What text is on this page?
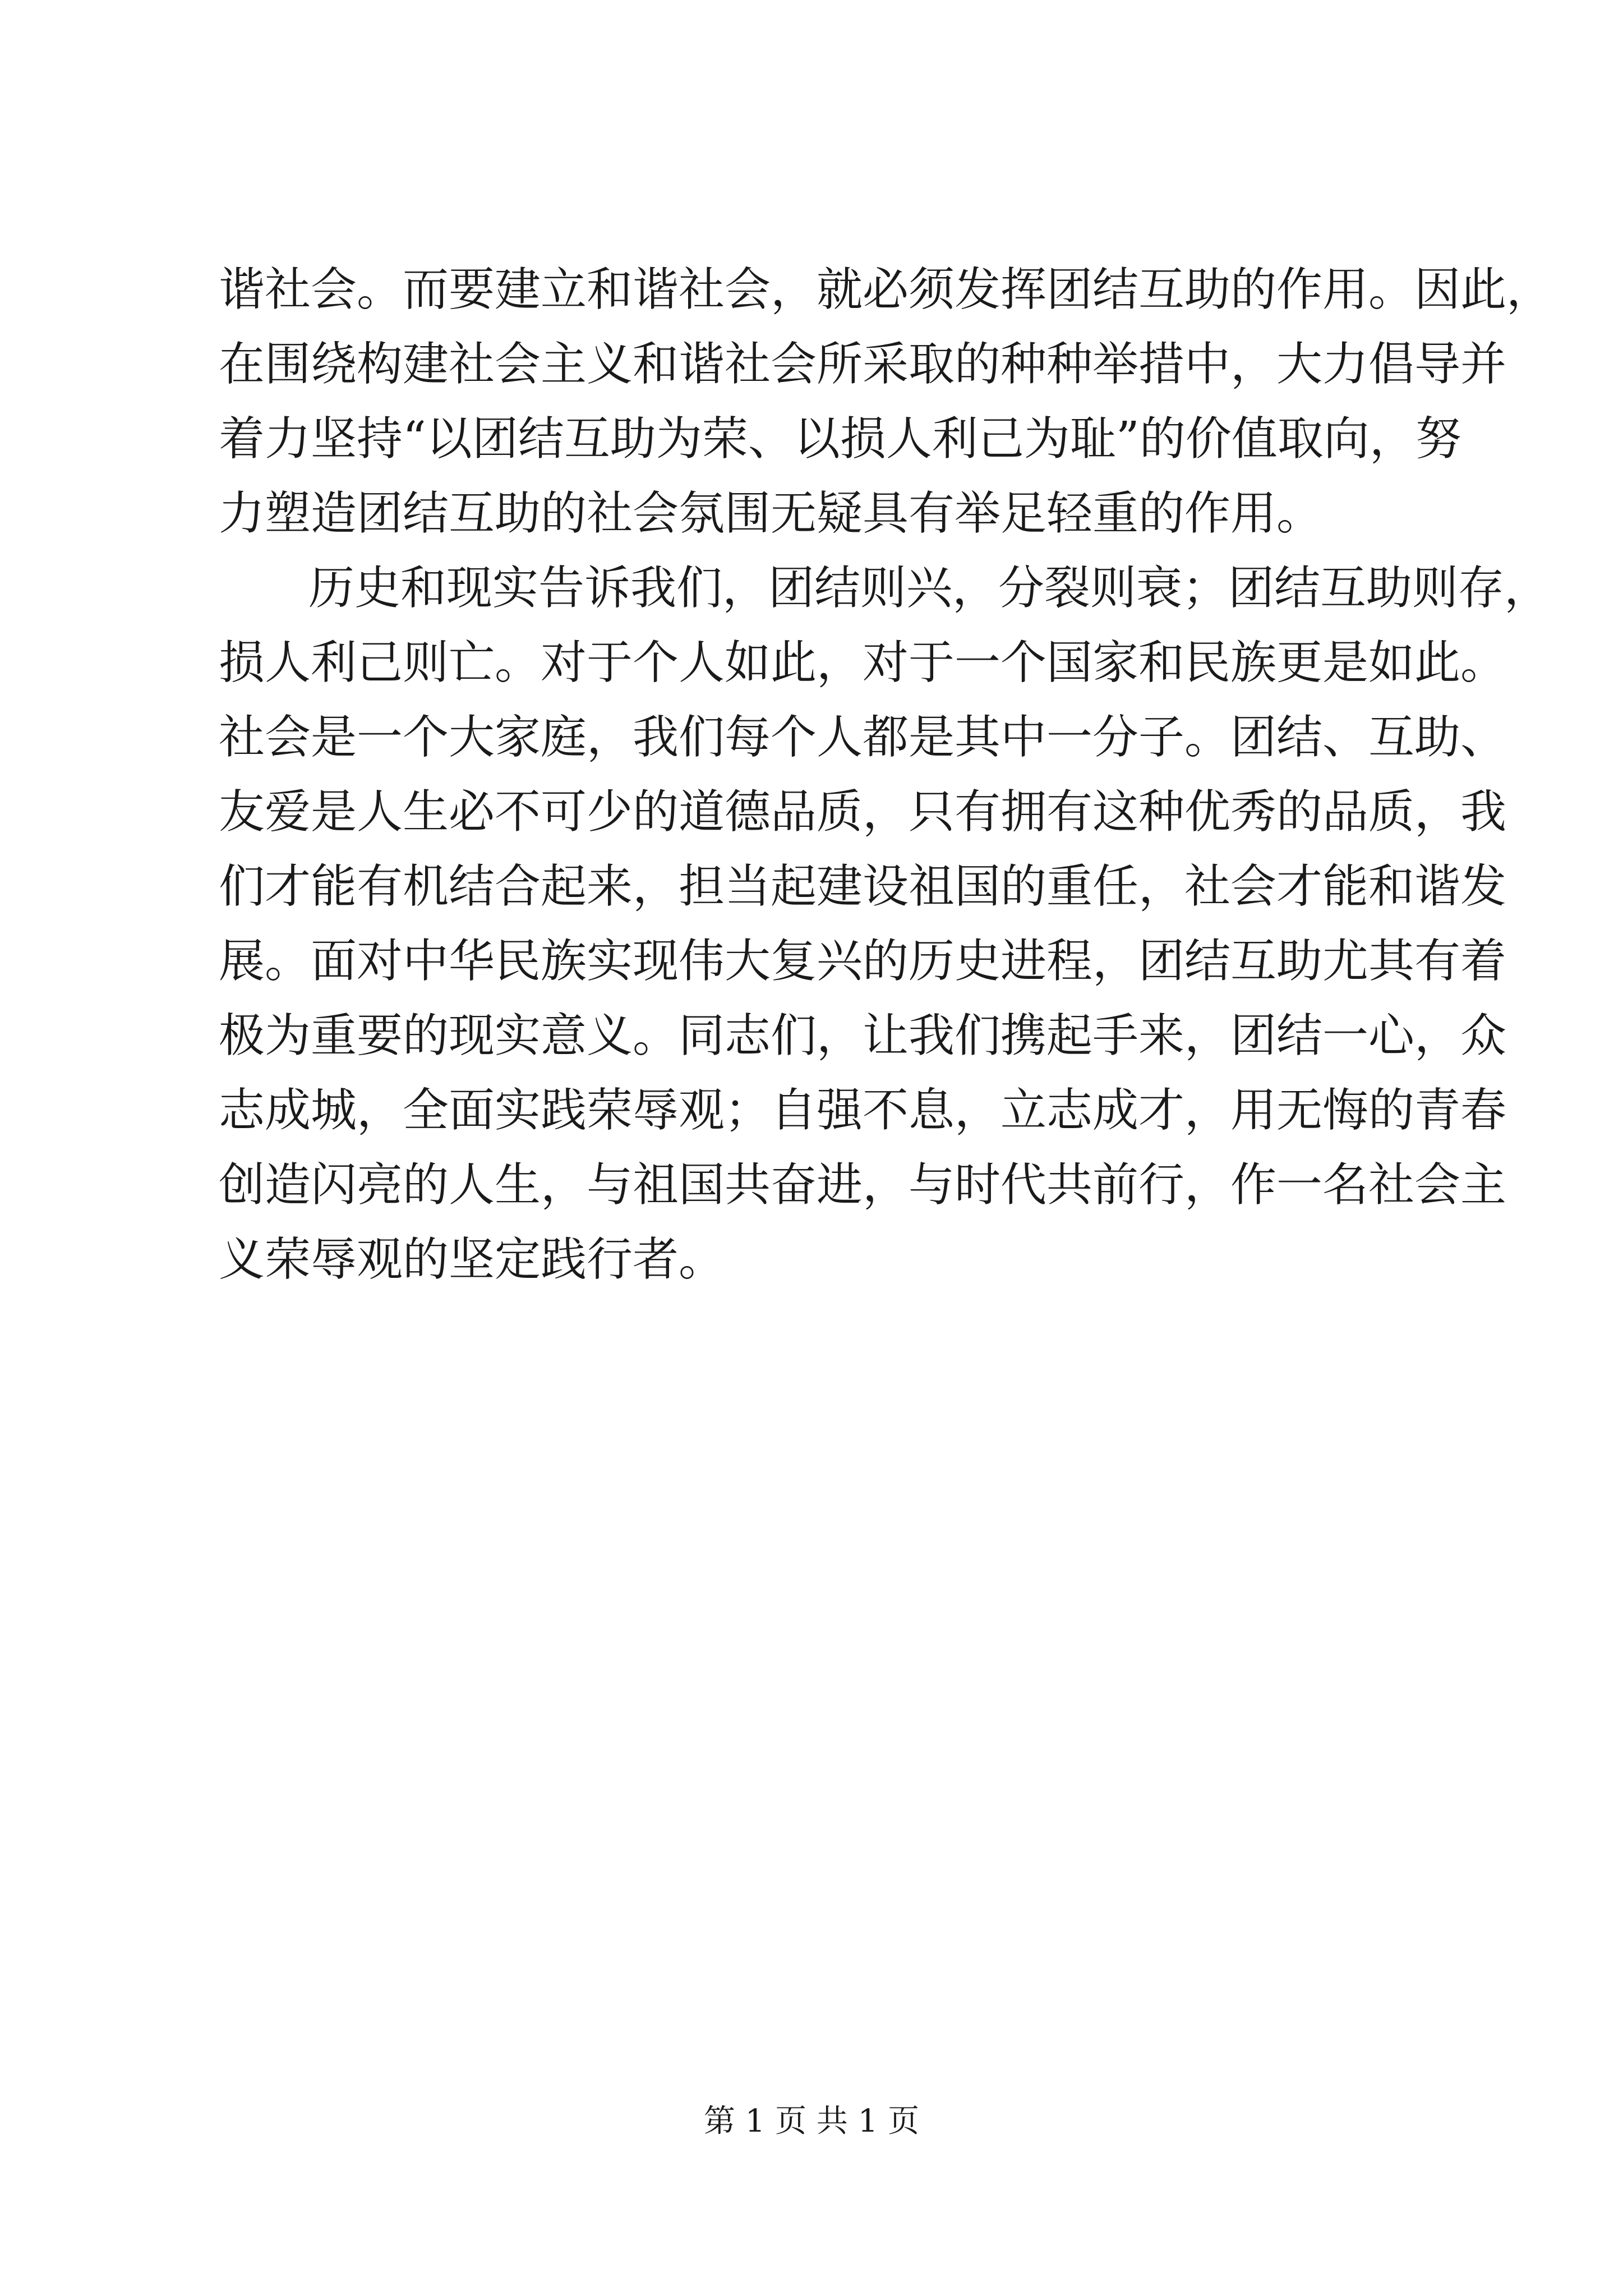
谐社会。而要建立和谐社会，就必须发挥团结互助的作用。因此，
在围绕构建社会主义和谐社会所采取的种种举措中，大力倡导并
着力坚持“以团结互助为荣、以损人利己为耻”的价值取向，努
力塑造团结互助的社会氛围无疑具有举足轻重的作用。
历史和现实告诉我们，团结则兴，分裂则衰；团结互助则存，
损人利己则亡。对于个人如此，对于一个国家和民族更是如此。
社会是一个大家庭，我们每个人都是其中一分子。团结、互助、
友爱是人生必不可少的道德品质，只有拥有这种优秀的品质，我
们才能有机结合起来，担当起建设祖国的重任，社会才能和谐发
展。面对中华民族实现伟大复兴的历史进程，团结互助尤其有着
极为重要的现实意义。同志们，让我们携起手来，团结一心，众
志成城，全面实践荣辱观；自强不息，立志成才，用无悔的青春
创造闪亮的人生，与祖国共奋进，与时代共前行，作一名社会主
义荣辱观的坚定践行者。
第 1 页 共 1 页
